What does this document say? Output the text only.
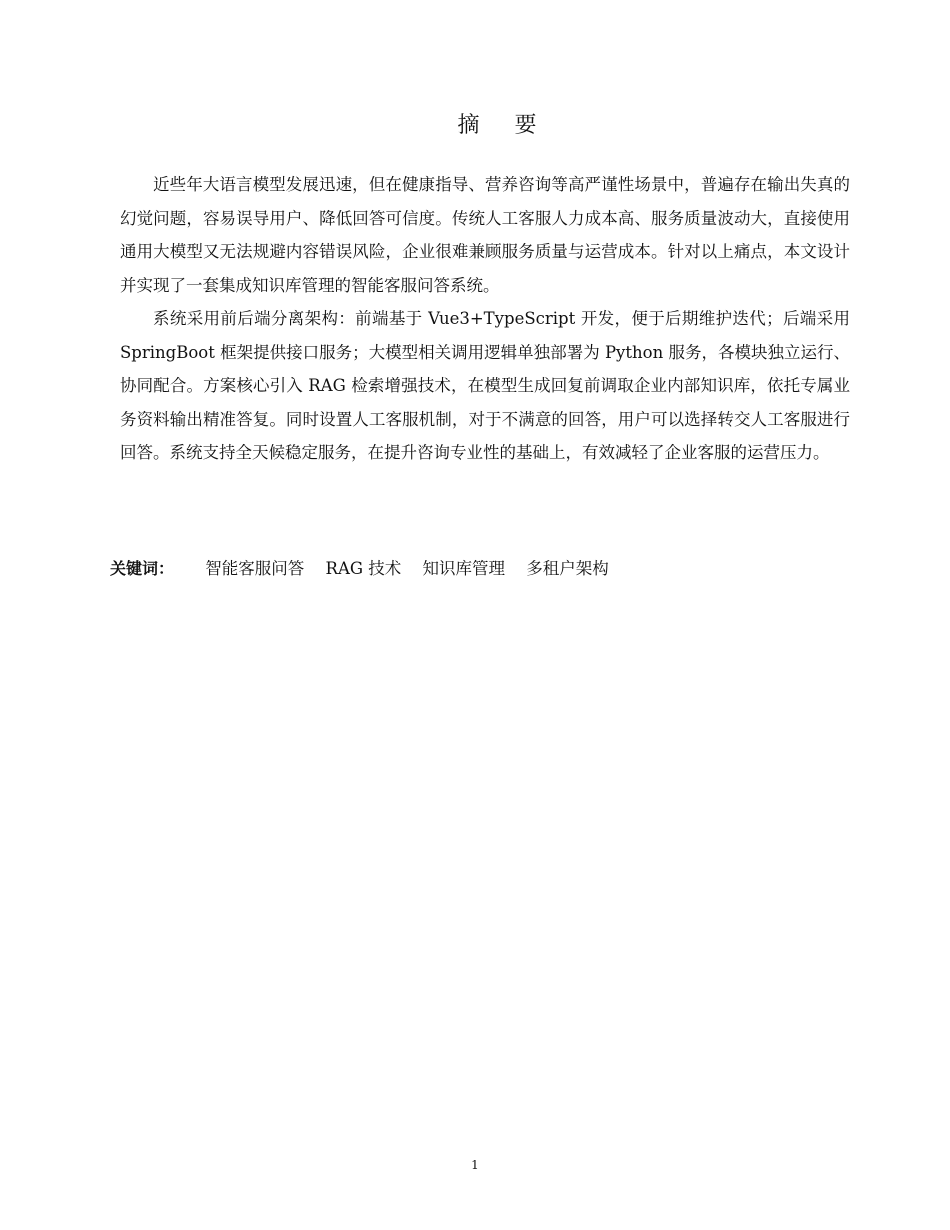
摘 要

近些年大语言模型发展迅速，但在健康指导、营养咨询等高严谨性场景中，普遍存在输出失真的幻觉问题，容易误导用户、降低回答可信度。传统人工客服人力成本高、服务质量波动大，直接使用通用大模型又无法规避内容错误风险，企业很难兼顾服务质量与运营成本。针对以上痛点，本文设计并实现了一套集成知识库管理的智能客服问答系统。

系统采用前后端分离架构：前端基于 Vue3+TypeScript 开发，便于后期维护迭代；后端采用 SpringBoot 框架提供接口服务；大模型相关调用逻辑单独部署为 Python 服务，各模块独立运行、协同配合。方案核心引入 RAG 检索增强技术，在模型生成回复前调取企业内部知识库，依托专属业务资料输出精准答复。同时设置人工客服机制，对于不满意的回答，用户可以选择转交人工客服进行回答。系统支持全天候稳定服务，在提升咨询专业性的基础上，有效减轻了企业客服的运营压力。

关键词： 智能客服问答 RAG 技术 知识库管理 多租户架构
1
